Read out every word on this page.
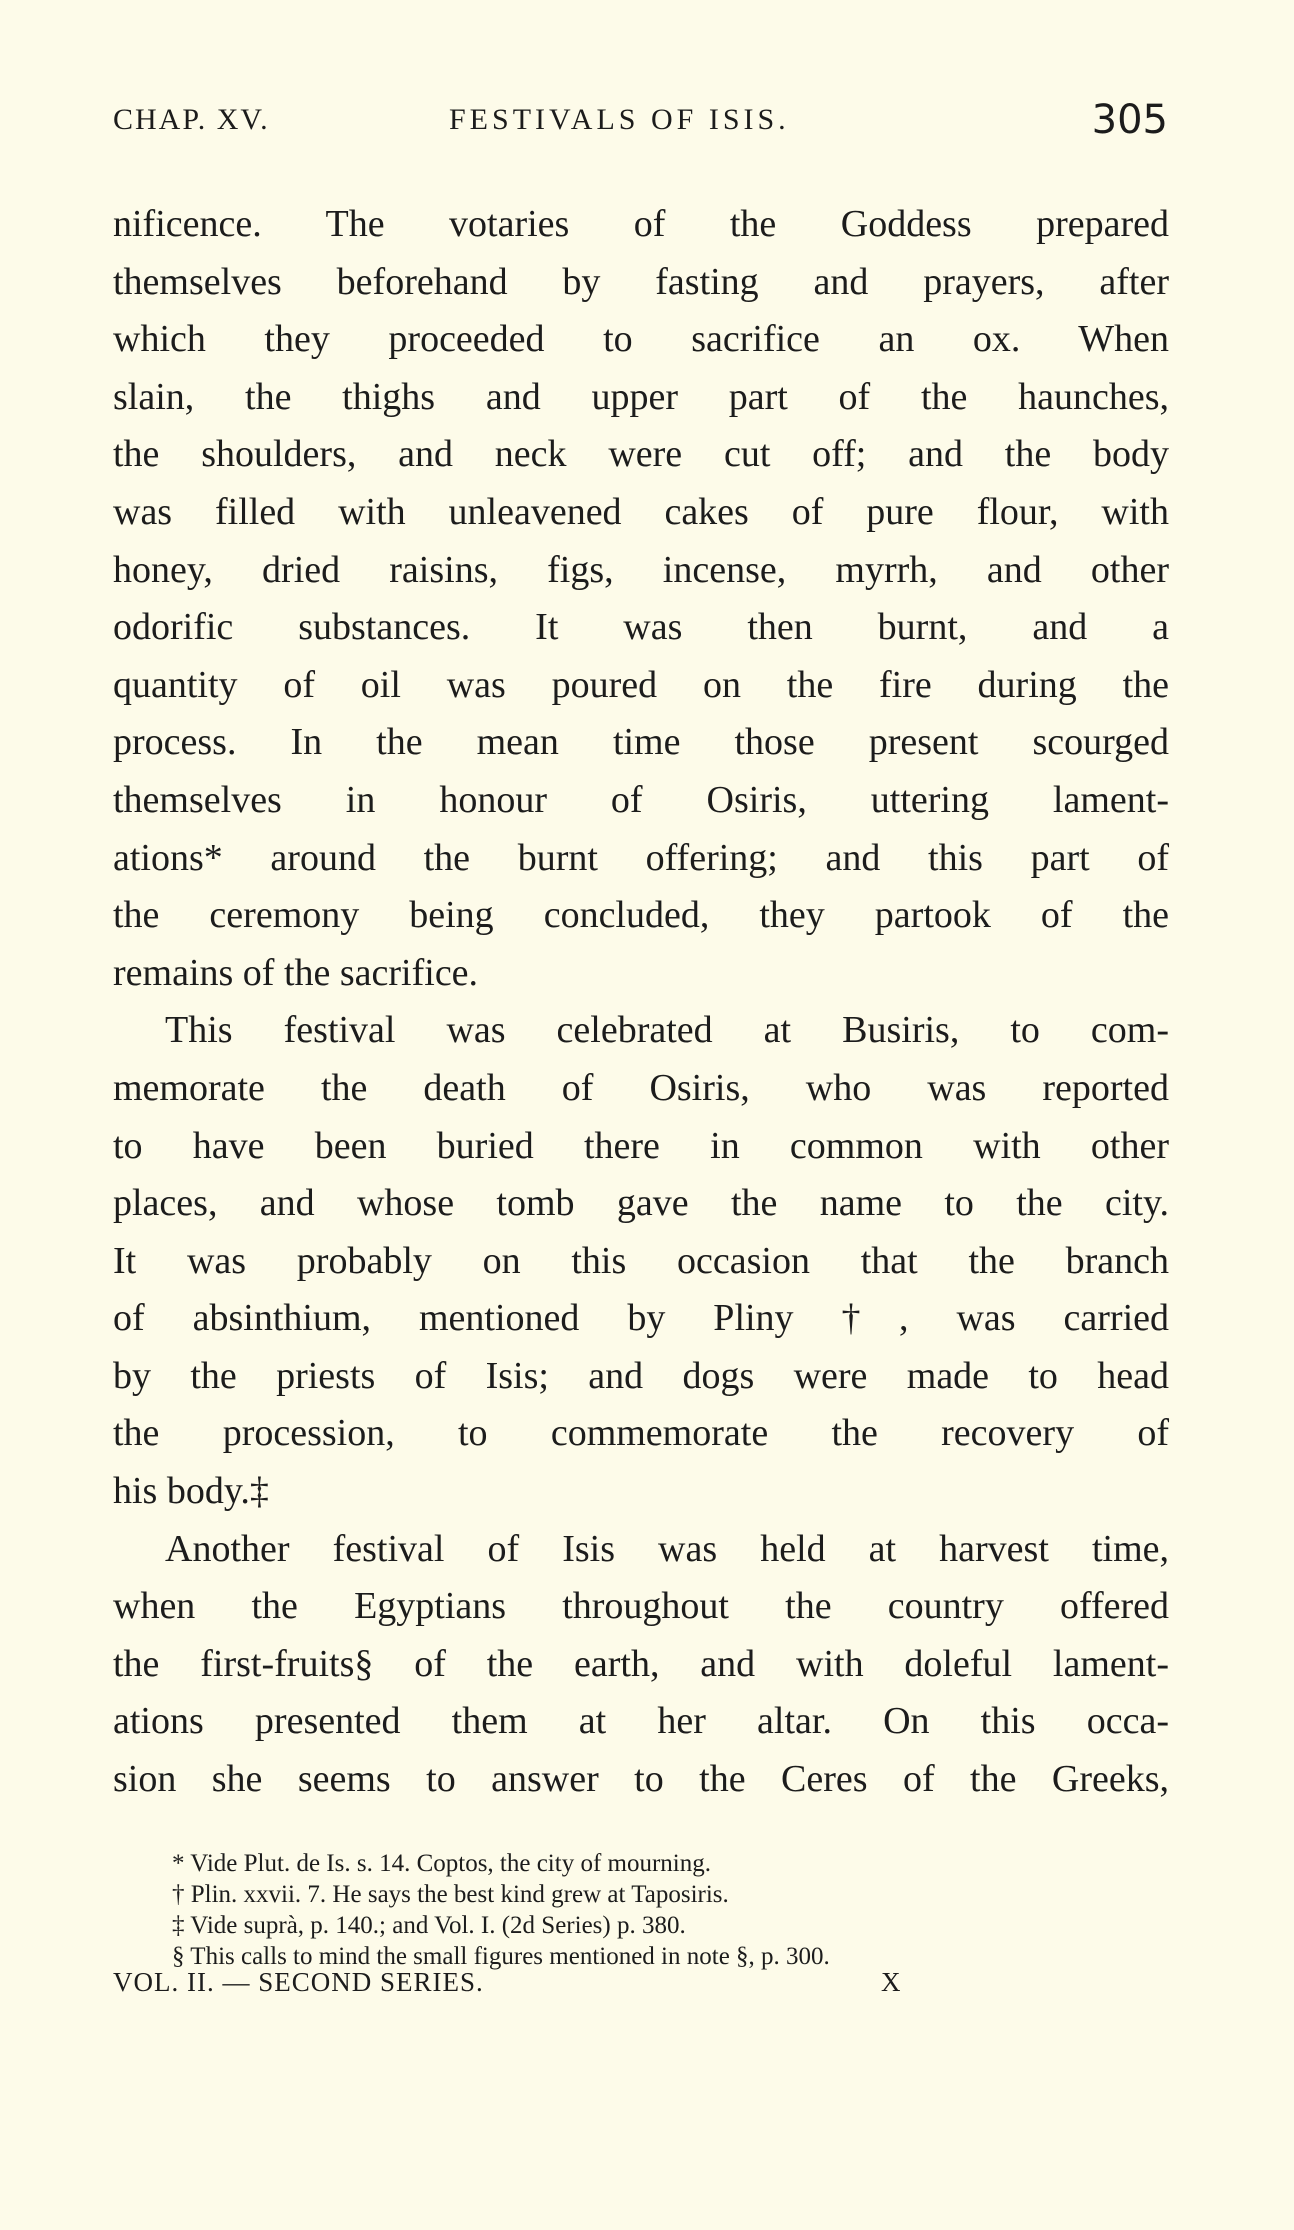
CHAP. XV.	FESTIVALS OF ISIS.	305
nificence. The votaries of the Goddess prepared
themselves beforehand by fasting and prayers, after
which they proceeded to sacrifice an ox. When
slain, the thighs and upper part of the haunches,
the shoulders, and neck were cut off; and the body
was filled with unleavened cakes of pure flour, with
honey, dried raisins, figs, incense, myrrh, and other
odorific substances. It was then burnt, and a
quantity of oil was poured on the fire during the
process. In the mean time those present scourged
themselves in honour of Osiris, uttering lament-
ations* around the burnt offering; and this part of
the ceremony being concluded, they partook of the
remains of the sacrifice.
This festival was celebrated at Busiris, to com-
memorate the death of Osiris, who was reported
to have been buried there in common with other
places, and whose tomb gave the name to the city.
It was probably on this occasion that the branch
of absinthium, mentioned by Pliny †, was carried
by the priests of Isis; and dogs were made to head
the procession, to commemorate the recovery of
his body.‡
Another festival of Isis was held at harvest time,
when the Egyptians throughout the country offered
the first-fruits§ of the earth, and with doleful lament-
ations presented them at her altar. On this occa-
sion she seems to answer to the Ceres of the Greeks,
* Vide Plut. de Is. s. 14. Coptos, the city of mourning.
† Plin. xxvii. 7. He says the best kind grew at Taposiris.
‡ Vide suprà, p. 140.; and Vol. I. (2d Series) p. 380.
§ This calls to mind the small figures mentioned in note §, p. 300.
VOL. II. — SECOND SERIES.	X
